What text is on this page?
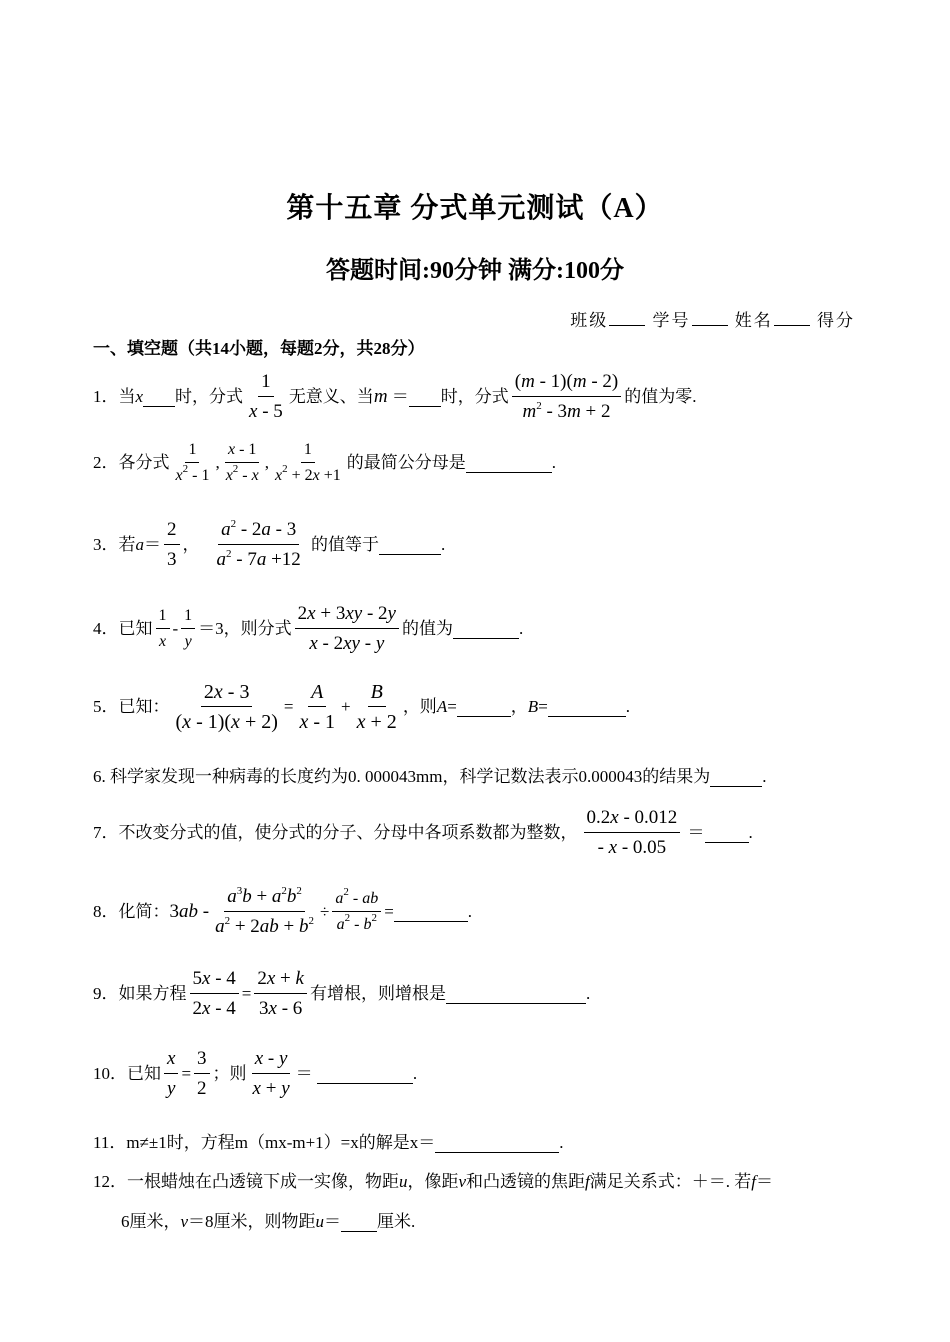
第十五章 分式单元测试（A）
答题时间:90分钟 满分:100分
班级	学号	姓名	得分
一、填空题（共14小题，每题2分，共28分）
1．当 x 时，分式 $\frac{1}{x - 5}$ 无意义、当 m
＝ 时，分式 $\frac{(m - 1)(m - 2)}{m^2 - 3m + 2}$ 的值为零.
2．各分式 $\frac{1}{x^2 - 1}$ , $\frac{x - 1}{x^2 - x}$ , $\frac{1}{x^2 + 2x +1}$ 的最简公分母是	.
3．若 $a = \frac{2}{3}$ ， $\frac{a^2 - 2a - 3}{a^2 - 7a +12}$
的值等于	.
4．已知 $\frac{1}{x} - \frac{1}{y} =3$，则分式 $\frac{2x + 3xy - 2y}{x - 2xy - y}$ 的值为	.
5．已知： $\frac{2x - 3}{(x - 1)(x + 2)} = \frac{A}{x - 1} + \frac{B}{x + 2}$ ，则 A =	， B =	.
6. 科学家发现一种病毒的长度约为0. 000043mm，科学记数法表示0.000043的结果为	.
7．不改变分式的值，使分式的分子、分母中各项系数都为整数， $\frac{0.2x - 0.012}{- x - 0.05}$
＝	.
8．化简： $3ab - \frac{a^3b + a^2b^2}{a^2 + 2ab + b^2} \div \frac{a^2 - ab}{a^2 - b^2}$ =	.
9．如果方程 $\frac{5x - 4}{2x - 4} = \frac{2x + k}{3x - 6}$ 有增根，则增根是	.
10．已知 $\frac{x}{y} = \frac{3}{2}$ ；则 $\frac{x - y}{x + y}$ ＝
	.
11．m≠±1时，方程m（mx-m+1）=x的解是x＝	.
12．一根蜡烛在凸透镜下成一实像，物距 u ，像距 v 和凸透镜的焦距 f 满足关系式：＋＝. 若 f ＝
6厘米， v ＝8厘米，则物距 u ＝ 厘米.
